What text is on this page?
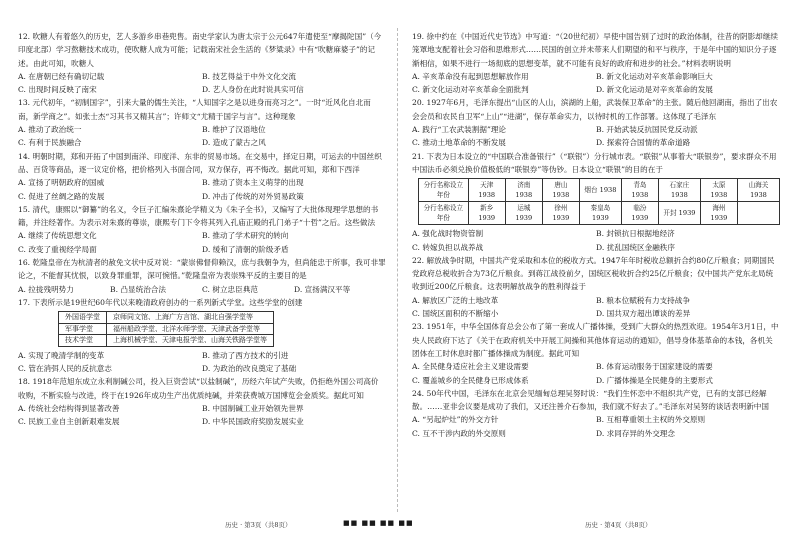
12. 吹糖人有着悠久的历史，艺人多游乡串巷兜售。南史学家认为唐太宗于公元647年遣使至“摩揭陀国”（今印度北部）学习熬糖技术成功，使吹糖人成为可能；记载南宋社会生活的《梦粱录》中有“吹糖麻婆子”的记述。由此可知，吹糖人

A. 在唐朝已经有确切记载	B. 技艺得益于中外文化交流
C. 出现时间反映了南宋	D. 艺人身份在此时说具实可信

13. 元代初年，“初制国字”，引来大量的儒生关注，“人知国字之是以进身而亮习之”。一时“近风化自北而南，新学商之”。如张士杰“习其书又精其言”；许师文“尤精于国字与言”。这种现象

A. 推动了政治统一	B. 维护了汉语地位
C. 有利于民族融合	D. 造成了蒙古之风

14. 明朝时期，郑和开拓了中国到南洋、印度洋、东非的贸易市场。在交易中，择定日期，可运去的中国丝织品、百货等商品，逐一议定价格，把价格列入书面合同，双方保存，再不悔改。据此可知，郑和下西洋

A. 宣扬了明朝政府的国威	B. 推动了资本主义萌芽的出现
C. 促进了丝绸之路的发展	D. 冲击了传统的对外贸易政策

15. 清代，康熙以“御纂”的名义，令巨子汇编朱熹论学精义为《朱子全书》，又编写了大批体现理学思想的书籍，并注经著作。为表示对朱熹的尊崇，康熙专门下令将其列入孔庙正殿的孔门弟子“十哲”之后。这些做法

A. 继续了传统思想文化	B. 推动了学术研究的转向
C. 改变了重视经学局面	D. 缓和了清朝的阶级矛盾

16. 乾隆皇帝在为杭清者的赦免文状中反对说：“蒙崇佛督仰赖汉，庶与我朝争为，但尚能忠于所事，我可非罪论之，不能督其忧恨，以致身罪重罪，深可惋惜。”乾隆皇帝为表崇殊平反的主要目的是

A. 拉拢残明势力	B. 凸显统治合法	C. 树立忠臣典范	D. 宣扬满汉平等

17. 下表所示是19世纪60年代以来晚清政府创办的一系列新式学堂。这些学堂的创建

外国语学堂	京师同文馆、上海广方言馆、湖北自强学堂等
军事学堂	福州船政学堂、北洋水师学堂、天津武备学堂等
技术学堂	上海机械学堂、天津电报学堂、山海关铁路学堂等
A. 实现了晚清学制的变革	B. 推动了西方技术的引进
C. 管在消弭人民的反抗意志	D. 为政治的改良奠定了基础

18. 1918年范旭东成立永利制碱公司，投入巨资尝试“以盐制碱”，历经六年试产失败，仍拒绝外国公司高价收购，不断实验与改进，终于在1926年成功生产出优质纯碱，并荣获费城万国博览会金质奖。据此可知

A. 传统社会结构得到显著改善	B. 中国制碱工业开始领先世界
C. 民族工业自主创新艰难发展	D. 中华民国政府奖励发展实业

19. 徐中约在《中国近代史节选》中写道：“（20世纪初）早使中国告别了过时的政治体制，往昔的阴影却继续笼罩地支配着社会习俗和思维形式……民国的创立并未带来人们期望的和平与秩序，于是年中国的知识分子逐渐相信，如果不进行一场彻底的思想变革，就不可能有良好的政府和进步的社会。”材料表明说明

A. 辛亥革命没有起到思想解放作用	B. 新文化运动对辛亥革命影响巨大
C. 新文化运动对辛亥革命全面批判	D. 新文化运动是对辛亥革命的发展

20. 1927年6月，毛泽东提出“山区的人山，滨湖的上船，武装保卫革命”的主张。随后他回湖南，指出了出农会会员和农民自卫军“上山”“进湖”，保存革命实力，以待时机的工作部署。这体现了毛泽东

A. 践行“工农武装割据”理论	B. 开始武装反抗国民党反动派
C. 推动土地革命的不断发展	D. 探索符合国情的革命道路

21. 下表为日本设立的“中国联合准备银行”（“联银”）分行城市表。“联银”从事着大“联银券”，要求群众不用中国法币必须兑换价值极低的“联银券”等伪钞。日本设立“联银”的目的在于

分行名称设立年份	天津 1938	济南 1938	唐山 1938	烟台 1938	青岛 1938	石家庄 1938	太原 1938	山海关 1938
分行名称设立年份	新乡 1939	运城 1939	徐州 1939	秦皇岛 1939	临汾 1939	开封 1939	海州 1939	
A. 强化战时物资管制	B. 封锁抗日根据地经济
C. 转嫁负担以战养战	D. 扰乱国统区金融秩序

22. 解放战争时期，中国共产党采取和本位的税收方式。1947年年时税收总额折合约80亿斤粮食；同期国民党政府总税收折合为73亿斤粮食。到蒋江战役前夕，国统区税收折合约25亿斤粮食；仅中国共产党东北局统收到近200亿斤粮食。这表明解放战争的胜利得益于

A. 解放区广泛的土地改革	B. 粮本位赋税有力支持战争
C. 国统区面积的不断缩小	D. 国共双方超出谭谈的差异

23. 1951年，中华全国体育总会公布了第一套成人广播体操，受到广大群众的热烈欢迎。1954年3月1日，中央人民政府下达了《关于在政府机关中开展工间操和其他体育运动的通知》，倡导身体基革命的本钱，各机关团体在工时休息时都广播体操成为制度。据此可知

A. 全民健身适应社会主义建设需要	B. 体育运动服务于国家建设的需要
C. 覆盖城乡的全民健身已形成体系	D. 广播体操是全民健身的主要形式

24. 50年代中国，毛泽东在北京会见缅甸总理吴努时说：“我们生怀恋中不组织共产党，已有的支部已经解散。……亚非会议要是成功了我们，又还注善介石参加，我们就不好去了。”毛泽东对吴努的谈话表明新中国

A. “另起炉灶”的外交方针	B. 互相尊重领土主权的外交原则
C. 互不干涉内政的外交原则	D. 求同存异的外交理念
历史 · 第3页（共8页）	■■ ■■ ■■ ■■	历史 · 第4页（共8页）
